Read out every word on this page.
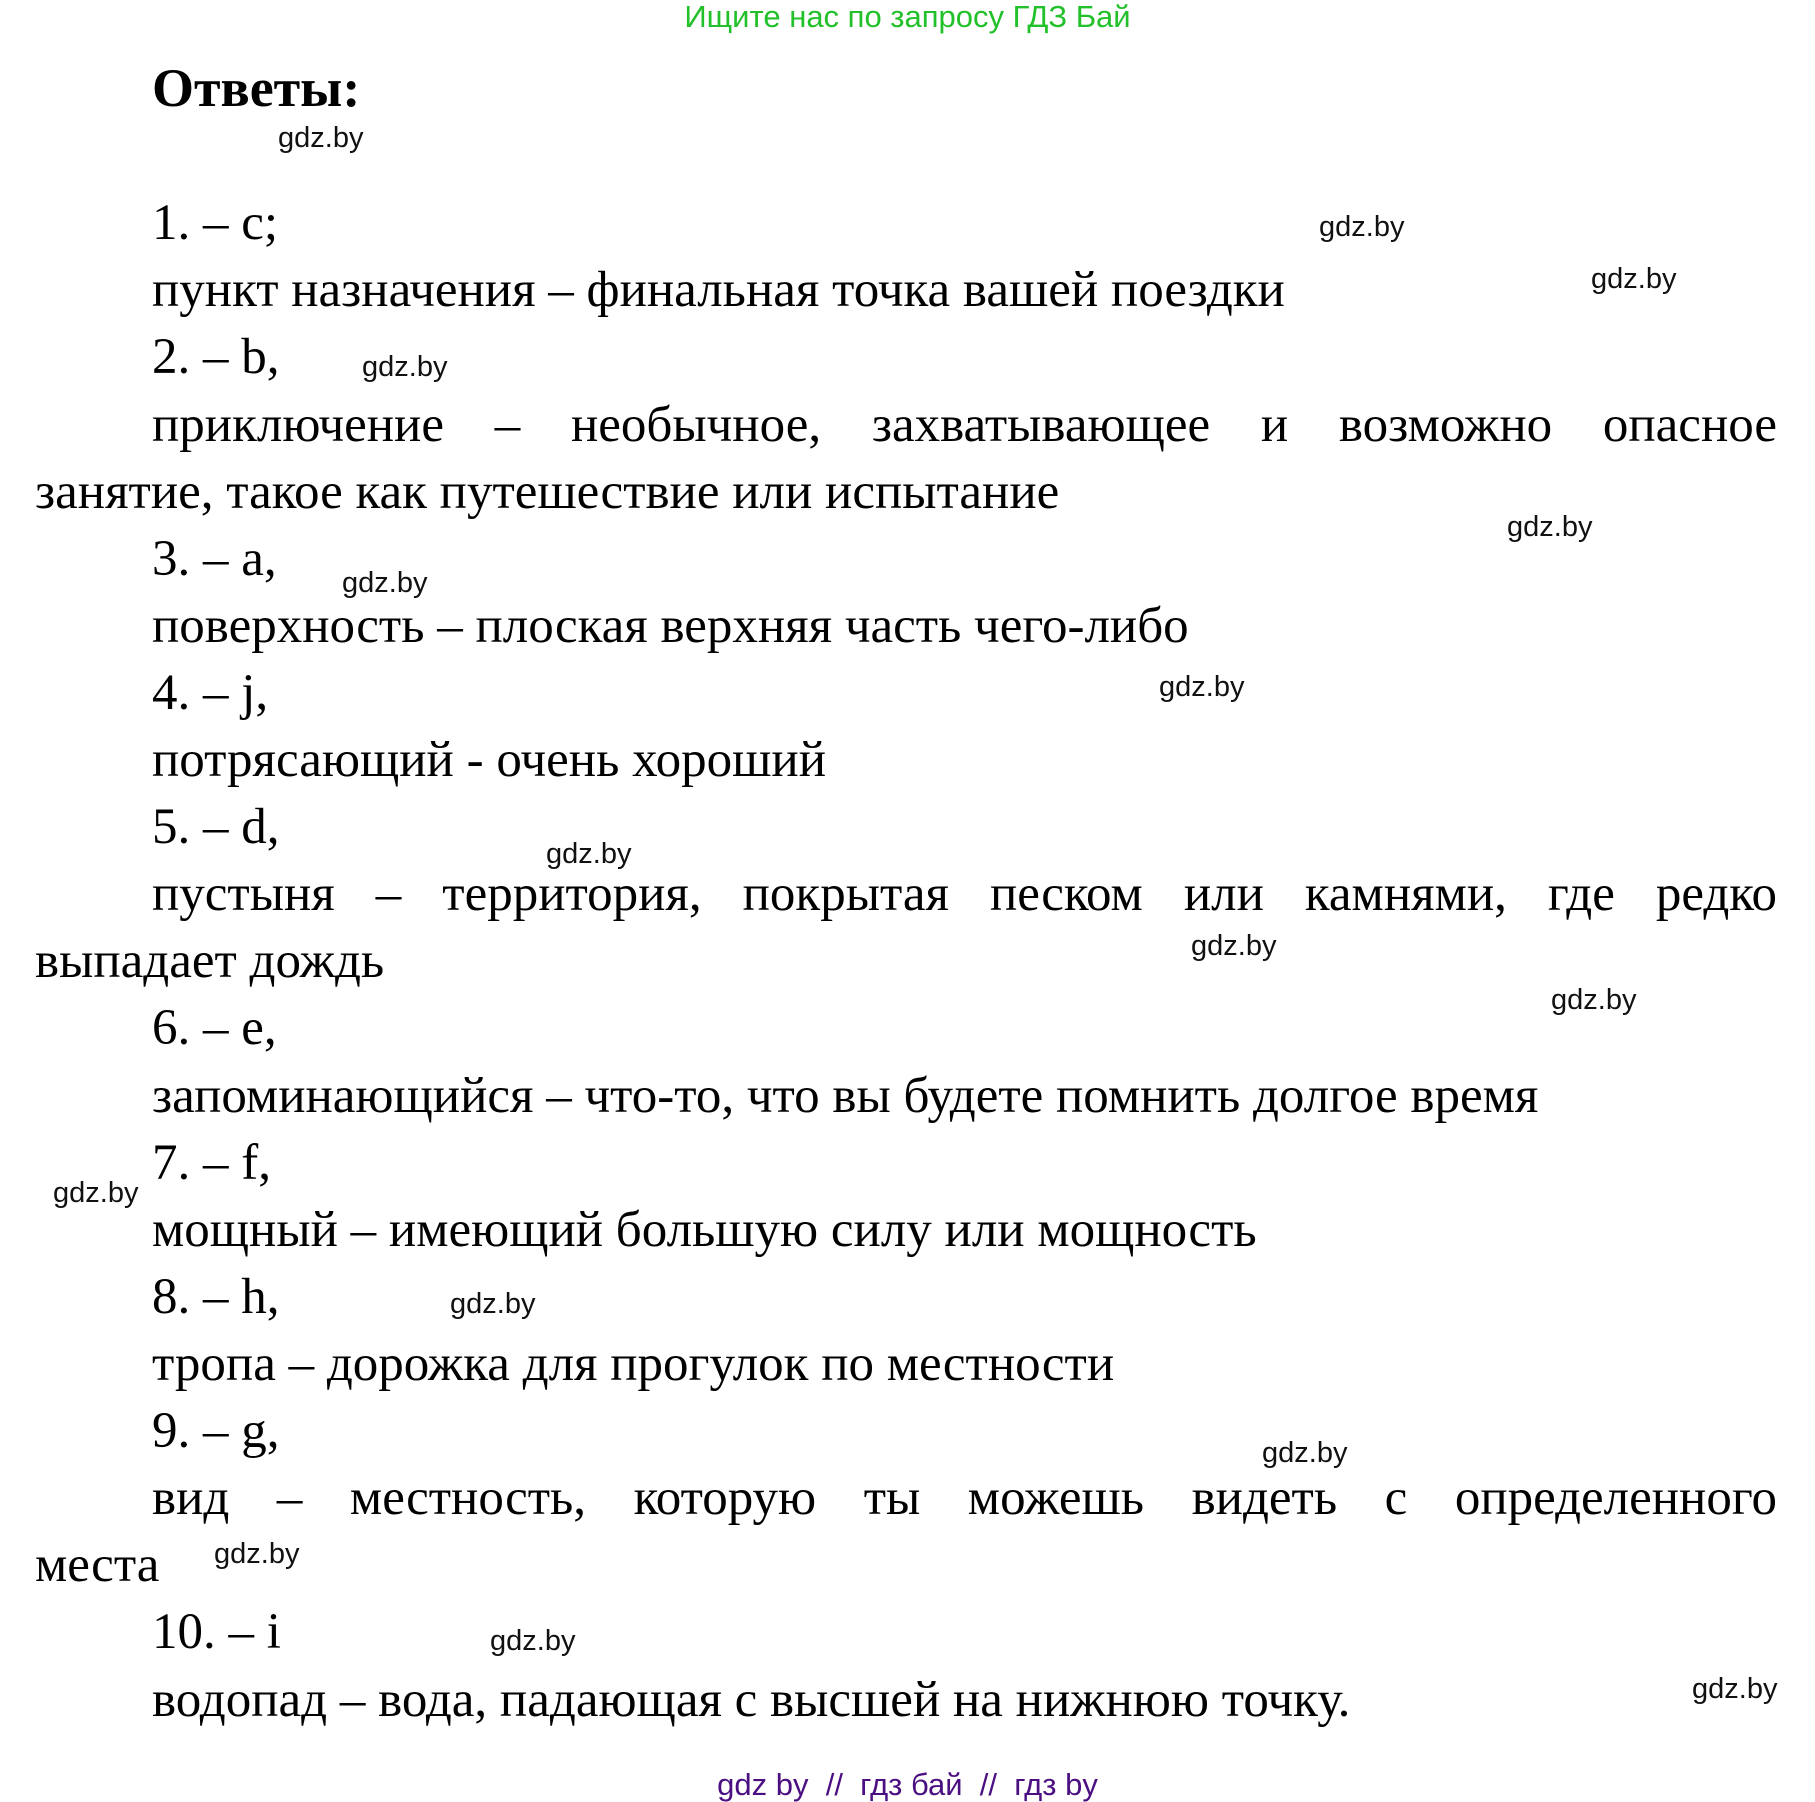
Ищите нас по запросу ГДЗ Бай
Ответы:
gdz.by
gdz.by
gdz.by
gdz.by
gdz.by
gdz.by
gdz.by
gdz.by
gdz.by
gdz.by
gdz.by
gdz.by
gdz.by
gdz.by
gdz.by
gdz.by
1. – c;
пункт назначения – финальная точка вашей поездки
2. – b,
приключение – необычное, захватывающее и возможно опасное
занятие, такое как путешествие или испытание
3. – a,
поверхность – плоская верхняя часть чего-либо
4. – j,
потрясающий - очень хороший
5. – d,
пустыня – территория, покрытая песком или камнями, где редко
выпадает дождь
6. – e,
запоминающийся – что-то, что вы будете помнить долгое время
7. – f,
мощный – имеющий большую силу или мощность
8. – h,
тропа – дорожка для прогулок по местности
9. – g,
вид – местность, которую ты можешь видеть с определенного
места
10. – i
водопад – вода, падающая с высшей на нижнюю точку.
gdz by  //  гдз бай  //  гдз by
